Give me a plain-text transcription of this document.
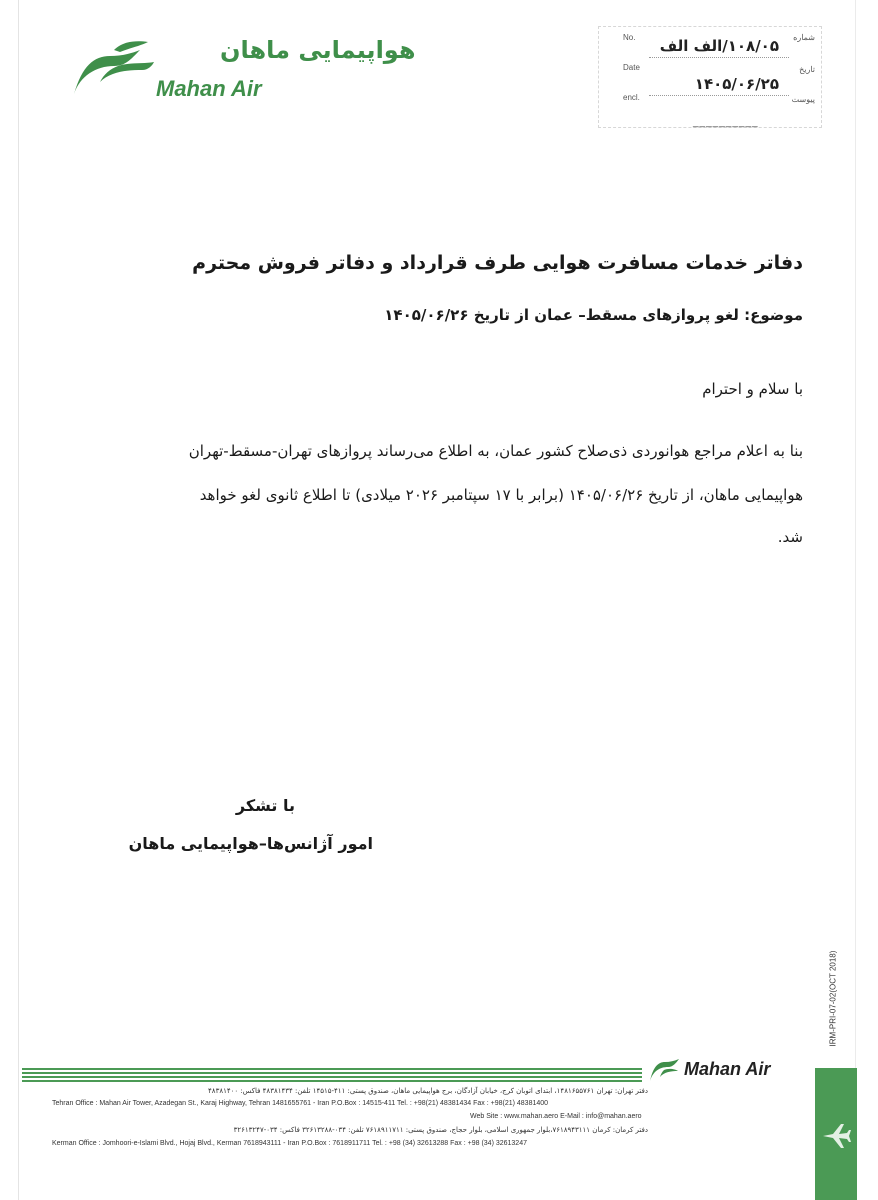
هواپیمایی ماهان
Mahan Air
No.	شماره
۱۰۸/۰۵/الف الف
Date	تاریخ
۱۴۰۵/۰۶/۲۵
encl.	پیوست
__________
دفاتر خدمات مسافرت هوایی طرف قرارداد و دفاتر فروش محترم
موضوع: لغو پروازهای مسقط– عمان از تاریخ ۱۴۰۵/۰۶/۲۶
با سلام و احترام
بنا به اعلام مراجع هوانوردی ذی‌صلاح کشور عمان، به اطلاع می‌رساند پروازهای تهران-مسقط-تهران
هواپیمایی ماهان، از تاریخ ۱۴۰۵/۰۶/۲۶ (برابر با ۱۷ سپتامبر ۲۰۲۶ میلادی) تا اطلاع ثانوی لغو خواهد
شد.
با تشکر
امور آژانس‌ها–هواپیمایی ماهان
IRM-PRI-07-02(OCT 2018)
Mahan Air
دفتر تهران: تهران ۱۴۸۱۶۵۵۷۶۱، ابتدای اتوبان کرج، خیابان آزادگان، برج هواپیمایی ماهان، صندوق پستی: ۴۱۱-۱۴۵۱۵ تلفن: ۴۸۳۸۱۴۳۴ فاکس: ۴۸۳۸۱۴۰۰
Tehran Office : Mahan Air Tower, Azadegan St., Karaj Highway, Tehran 1481655761 - Iran P.O.Box : 14515-411 Tel. : +98(21) 48381434 Fax : +98(21) 48381400
Web Site : www.mahan.aero E-Mail : info@mahan.aero
دفتر کرمان: کرمان ۷۶۱۸۹۴۳۱۱۱،بلوار جمهوری اسلامی، بلوار حجاج، صندوق پستی: ۷۶۱۸۹۱۱۷۱۱ تلفن: ۰۳۴-۳۲۶۱۳۲۸۸ فاکس: ۰۳۴-۳۲۶۱۳۲۴۷
Kerman Office : Jomhoori-e-Islami Blvd., Hojaj Blvd., Kerman 7618943111 - Iran P.O.Box : 7618911711 Tel. : +98 (34) 32613288 Fax : +98 (34) 32613247
